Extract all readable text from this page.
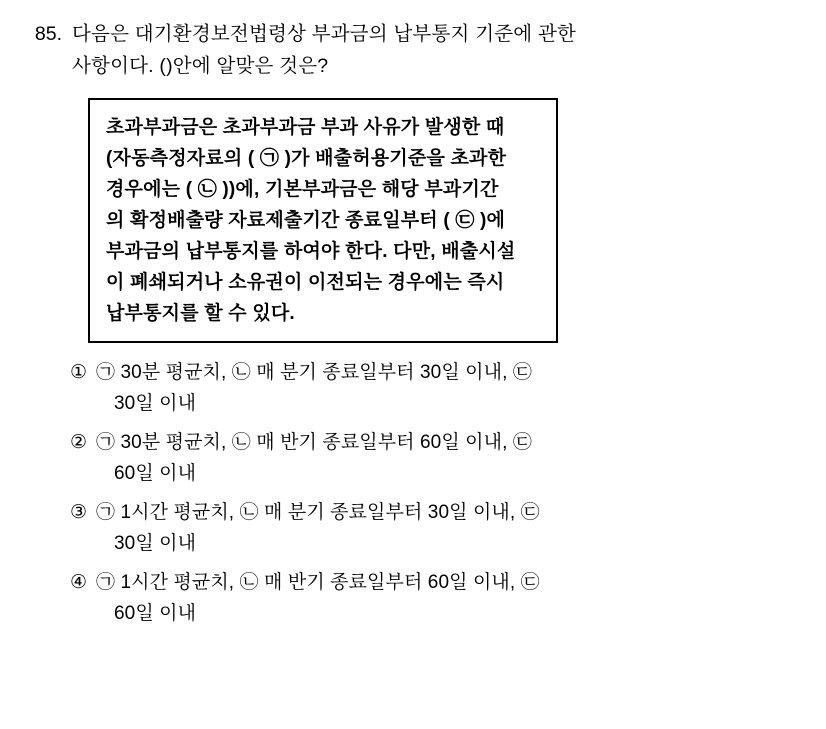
85. 다음은 대기환경보전법령상 부과금의 납부통지 기준에 관한
사항이다. ()안에 알맞은 것은?

초과부과금은 초과부과금 부과 사유가 발생한 때

(자동측정자료의 ( ㉠ )가 배출허용기준을 초과한

경우에는 ( ㉡ ))에, 기본부과금은 해당 부과기간

의 확정배출량 자료제출기간 종료일부터 ( ㉢ )에

부과금의 납부통지를 하여야 한다. 다만, 배출시설

이 폐쇄되거나 소유권이 이전되는 경우에는 즉시

납부통지를 할 수 있다.

① ㉠ 30분 평균치, ㉡ 매 분기 종료일부터 30일 이내, ㉢
30일 이내
② ㉠ 30분 평균치, ㉡ 매 반기 종료일부터 60일 이내, ㉢
60일 이내
③ ㉠ 1시간 평균치, ㉡ 매 분기 종료일부터 30일 이내, ㉢
30일 이내
④ ㉠ 1시간 평균치, ㉡ 매 반기 종료일부터 60일 이내, ㉢
60일 이내
